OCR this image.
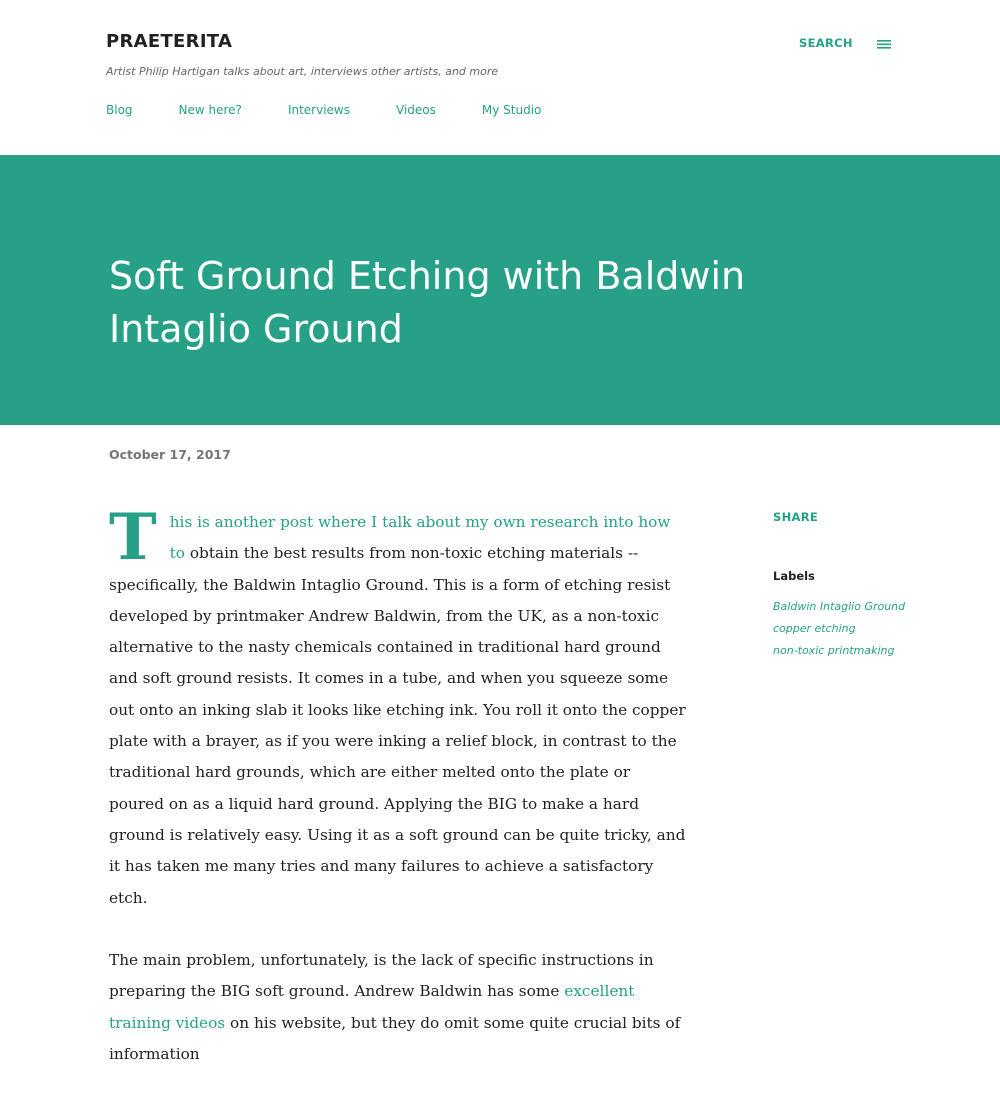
PRAETERITA
Artist Philip Hartigan talks about art, interviews other artists, and more
SEARCH
Blog	New here?	Interviews	Videos	My Studio
Soft Ground Etching with Baldwin Intaglio Ground
October 17, 2017

This is another post where I talk about my own research into how to obtain the best results from non-toxic etching materials -- specifically, the Baldwin Intaglio Ground. This is a form of etching resist developed by printmaker Andrew Baldwin, from the UK, as a non-toxic alternative to the nasty chemicals contained in traditional hard ground and soft ground resists. It comes in a tube, and when you squeeze some out onto an inking slab it looks like etching ink. You roll it onto the copper plate with a brayer, as if you were inking a relief block, in contrast to the traditional hard grounds, which are either melted onto the plate or poured on as a liquid hard ground. Applying the BIG to make a hard ground is relatively easy. Using it as a soft ground can be quite tricky, and it has taken me many tries and many failures to achieve a satisfactory etch.

The main problem, unfortunately, is the lack of specific instructions in preparing the BIG soft ground. Andrew Baldwin has some excellent training videos on his website, but they do omit some quite crucial bits of information

SHARE
Labels
Baldwin Intaglio Ground
copper etching
non-toxic printmaking
